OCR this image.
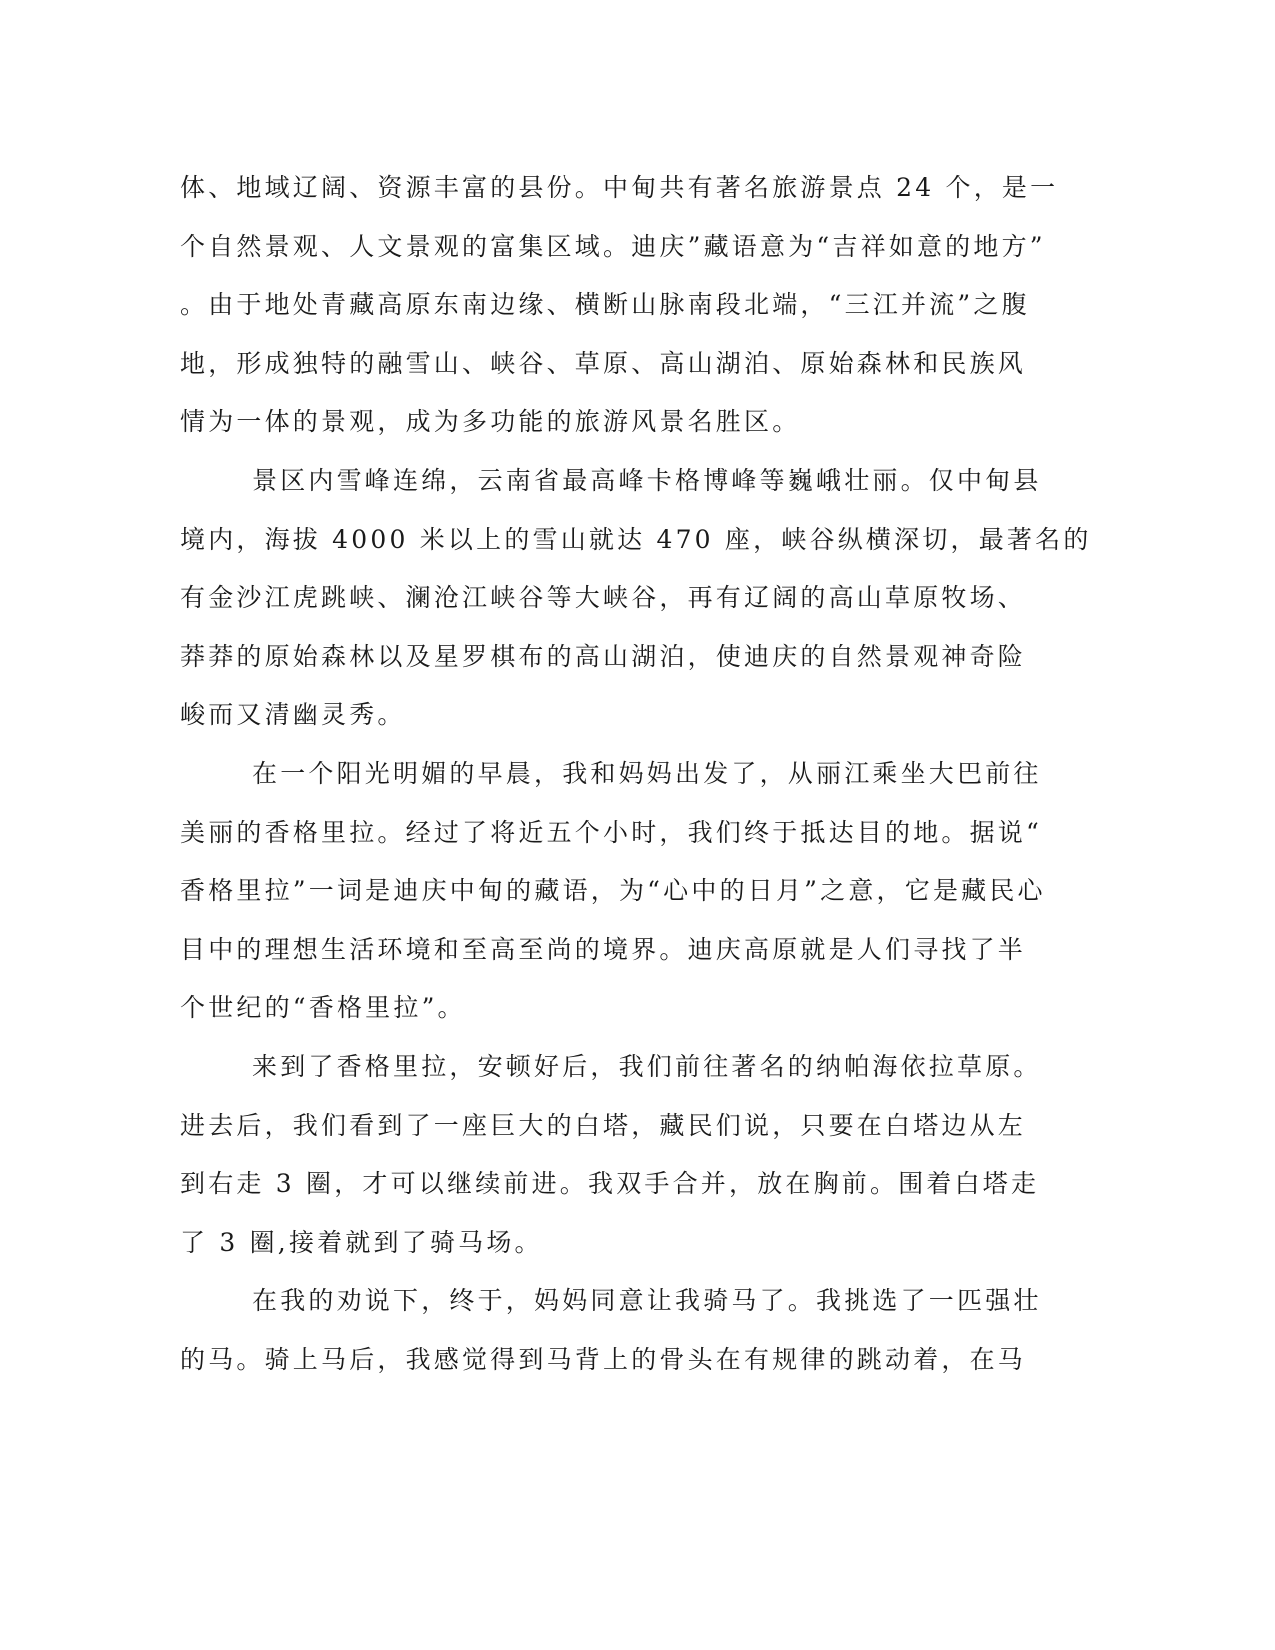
体、地域辽阔、资源丰富的县份。中甸共有著名旅游景点 24 个，是一
个自然景观、人文景观的富集区域。迪庆”藏语意为“吉祥如意的地方”
。由于地处青藏高原东南边缘、横断山脉南段北端，“三江并流”之腹
地，形成独特的融雪山、峡谷、草原、高山湖泊、原始森林和民族风
情为一体的景观，成为多功能的旅游风景名胜区。
景区内雪峰连绵，云南省最高峰卡格博峰等巍峨壮丽。仅中甸县
境内，海拔 4000 米以上的雪山就达 470 座，峡谷纵横深切，最著名的
有金沙江虎跳峡、澜沧江峡谷等大峡谷，再有辽阔的高山草原牧场、
莽莽的原始森林以及星罗棋布的高山湖泊，使迪庆的自然景观神奇险
峻而又清幽灵秀。
在一个阳光明媚的早晨，我和妈妈出发了，从丽江乘坐大巴前往
美丽的香格里拉。经过了将近五个小时，我们终于抵达目的地。据说“
香格里拉”一词是迪庆中甸的藏语，为“心中的日月”之意，它是藏民心
目中的理想生活环境和至高至尚的境界。迪庆高原就是人们寻找了半
个世纪的“香格里拉”。
来到了香格里拉，安顿好后，我们前往著名的纳帕海依拉草原。
进去后，我们看到了一座巨大的白塔，藏民们说，只要在白塔边从左
到右走 3 圈，才可以继续前进。我双手合并，放在胸前。围着白塔走
了 3 圈,接着就到了骑马场。
在我的劝说下，终于，妈妈同意让我骑马了。我挑选了一匹强壮
的马。骑上马后，我感觉得到马背上的骨头在有规律的跳动着，在马
